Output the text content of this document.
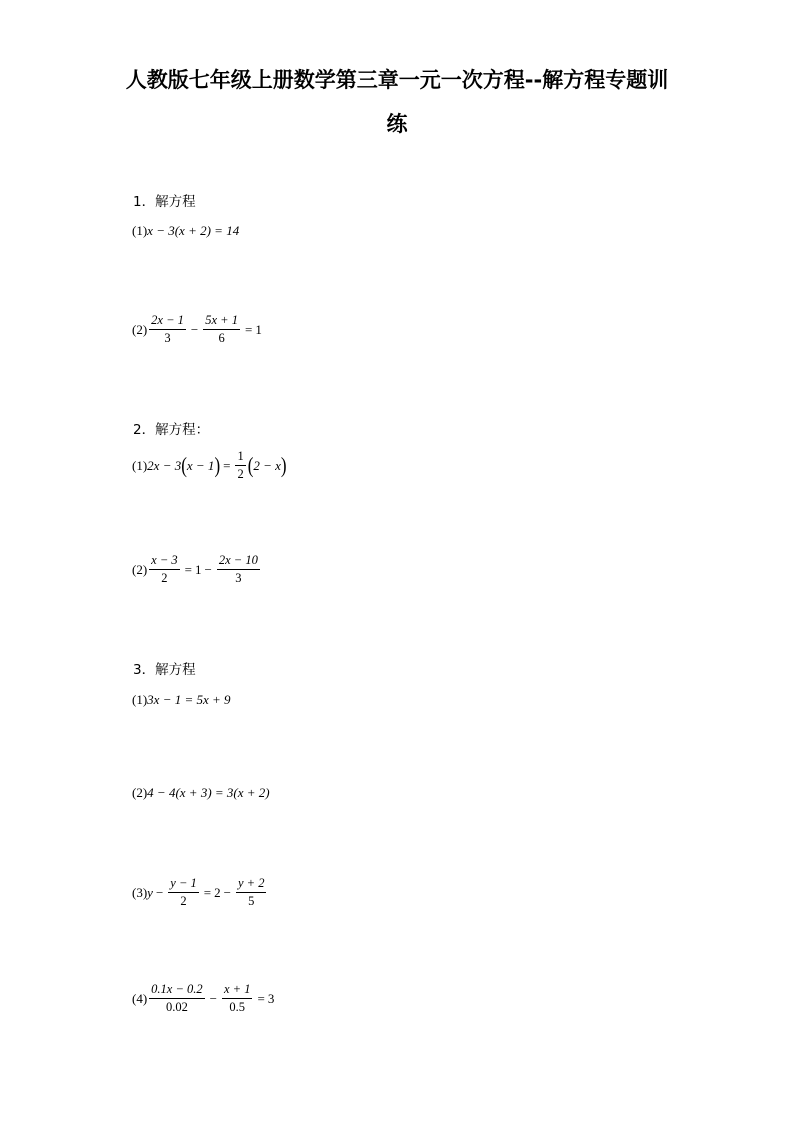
人教版七年级上册数学第三章一元一次方程--解方程专题训
练
1．解方程
(1) x − 3(x + 2) = 14
$(2) \frac{2x - 1}{3} - \frac{5x + 1}{6} = 1$
2．解方程：
(1) 2x − 3 ( x − 1 ) = $\frac{1}{2}$ ( 2 − x )
$(2) \frac{x - 3}{2} = 1 - \frac{2x - 10}{3}$
3．解方程
(1) 3x − 1 = 5x + 9
(2) 4 − 4(x + 3) = 3(x + 2)
(3) $y - \frac{y - 1}{2} = 2 - \frac{y + 2}{5}$
$(4) \frac{0.1x - 0.2}{0.02} - \frac{x + 1}{0.5} = 3$
